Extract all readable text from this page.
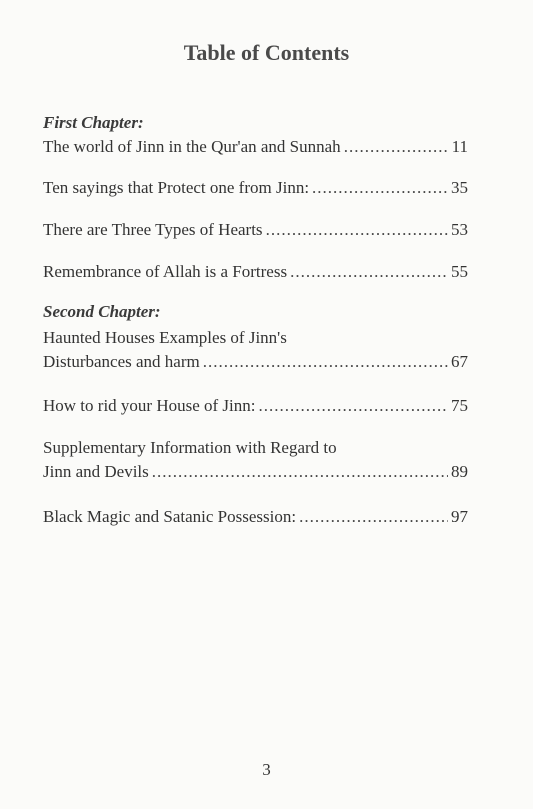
Table of Contents
First Chapter:
The world of Jinn in the Qur'an and Sunnah .....	11
Ten sayings that Protect one from Jinn: .....	35
There are Three Types of Hearts .....	53
Remembrance of Allah is a Fortress .....	55
Second Chapter:
Haunted Houses Examples of Jinn's
Disturbances and harm .....	67
How to rid your House of Jinn: .....	75
Supplementary Information with Regard to
Jinn and Devils .....	89
Black Magic and Satanic Possession: .....	97
3
